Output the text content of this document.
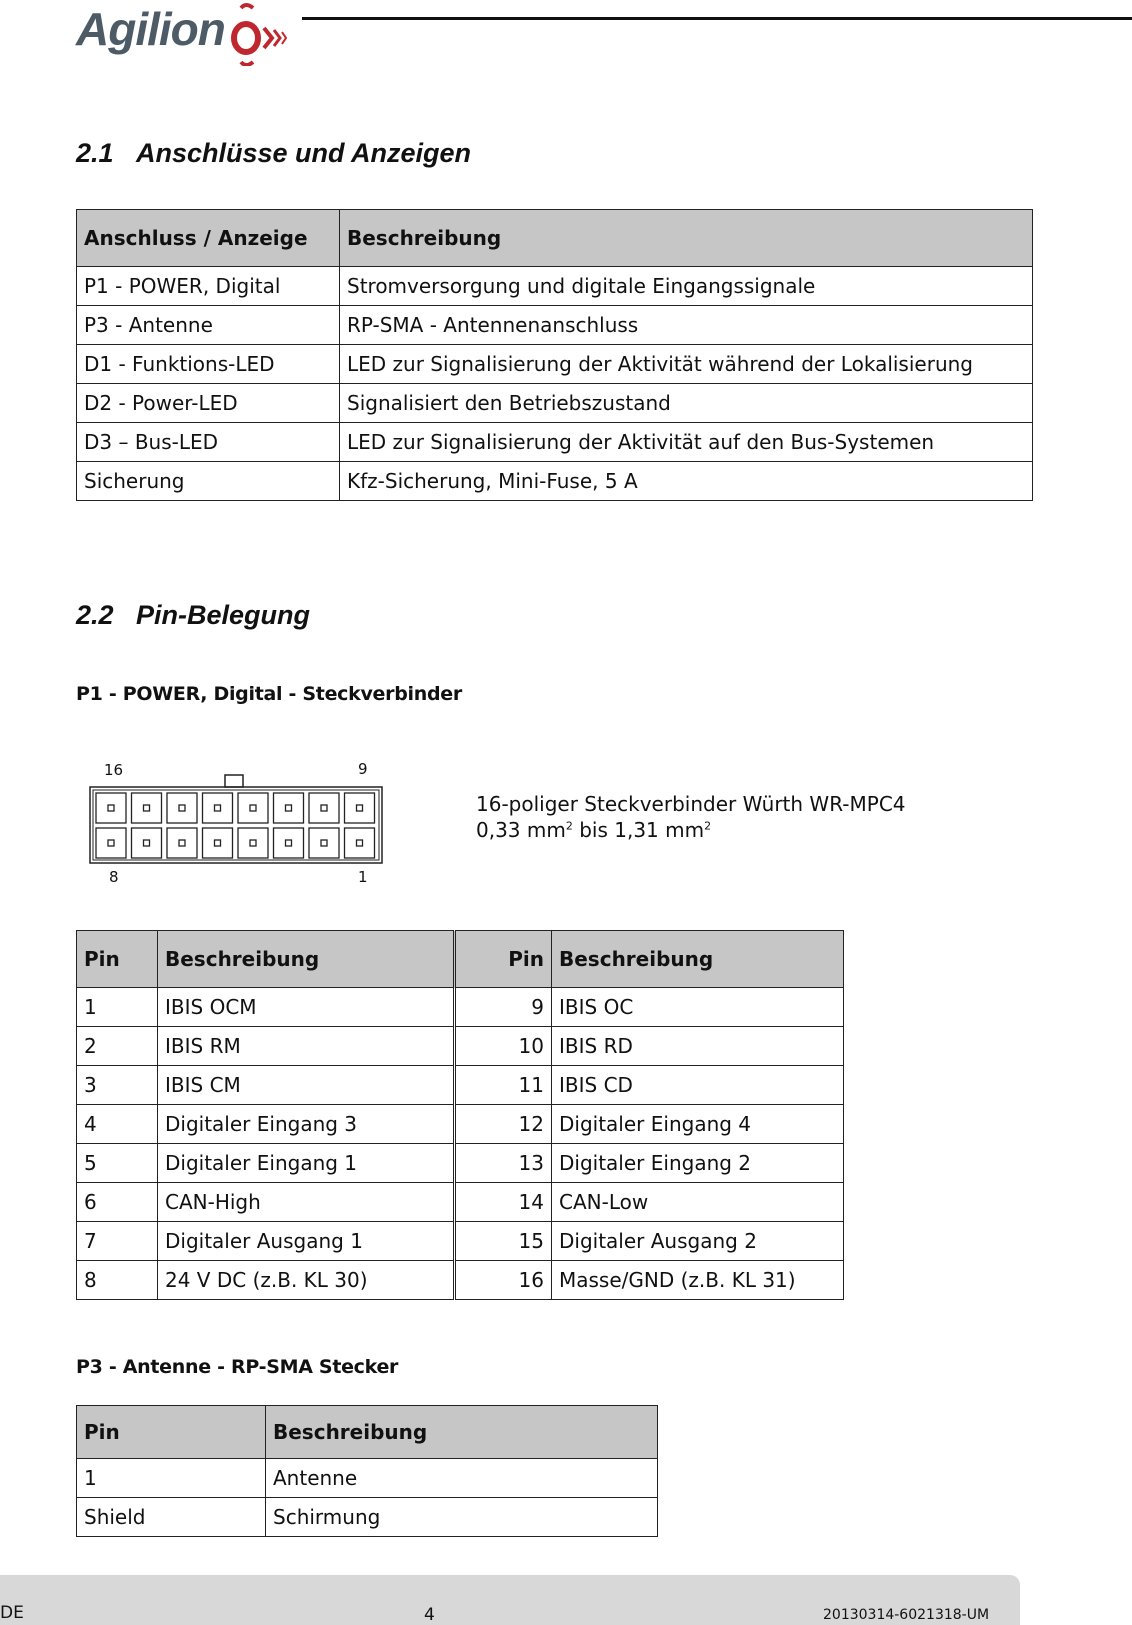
Agilion
2.1 Anschlüsse und Anzeigen
Anschluss / Anzeige	Beschreibung
P1 - POWER, Digital	Stromversorgung und digitale Eingangssignale
P3 - Antenne	RP-SMA - Antennenanschluss
D1 - Funktions-LED	LED zur Signalisierung der Aktivität während der Lokalisierung
D2 - Power-LED	Signalisiert den Betriebszustand
D3 – Bus-LED	LED zur Signalisierung der Aktivität auf den Bus-Systemen
Sicherung	Kfz-Sicherung, Mini-Fuse, 5 A
2.2 Pin-Belegung

P1 - POWER, Digital - Steckverbinder

16	9
8	1
16-poliger Steckverbinder Würth WR-MPC4
0,33 $mm^2$ bis 1,31 $mm^2$
Pin	Beschreibung	Pin	Beschreibung
1	IBIS OCM	9	IBIS OC
2	IBIS RM	10	IBIS RD
3	IBIS CM	11	IBIS CD
4	Digitaler Eingang 3	12	Digitaler Eingang 4
5	Digitaler Eingang 1	13	Digitaler Eingang 2
6	CAN-High	14	CAN-Low
7	Digitaler Ausgang 1	15	Digitaler Ausgang 2
8	24 V DC (z.B. KL 30)	16	Masse/GND (z.B. KL 31)

P3 - Antenne - RP-SMA Stecker

Pin	Beschreibung
1	Antenne
Shield	Schirmung
DE	4	20130314-6021318-UM
